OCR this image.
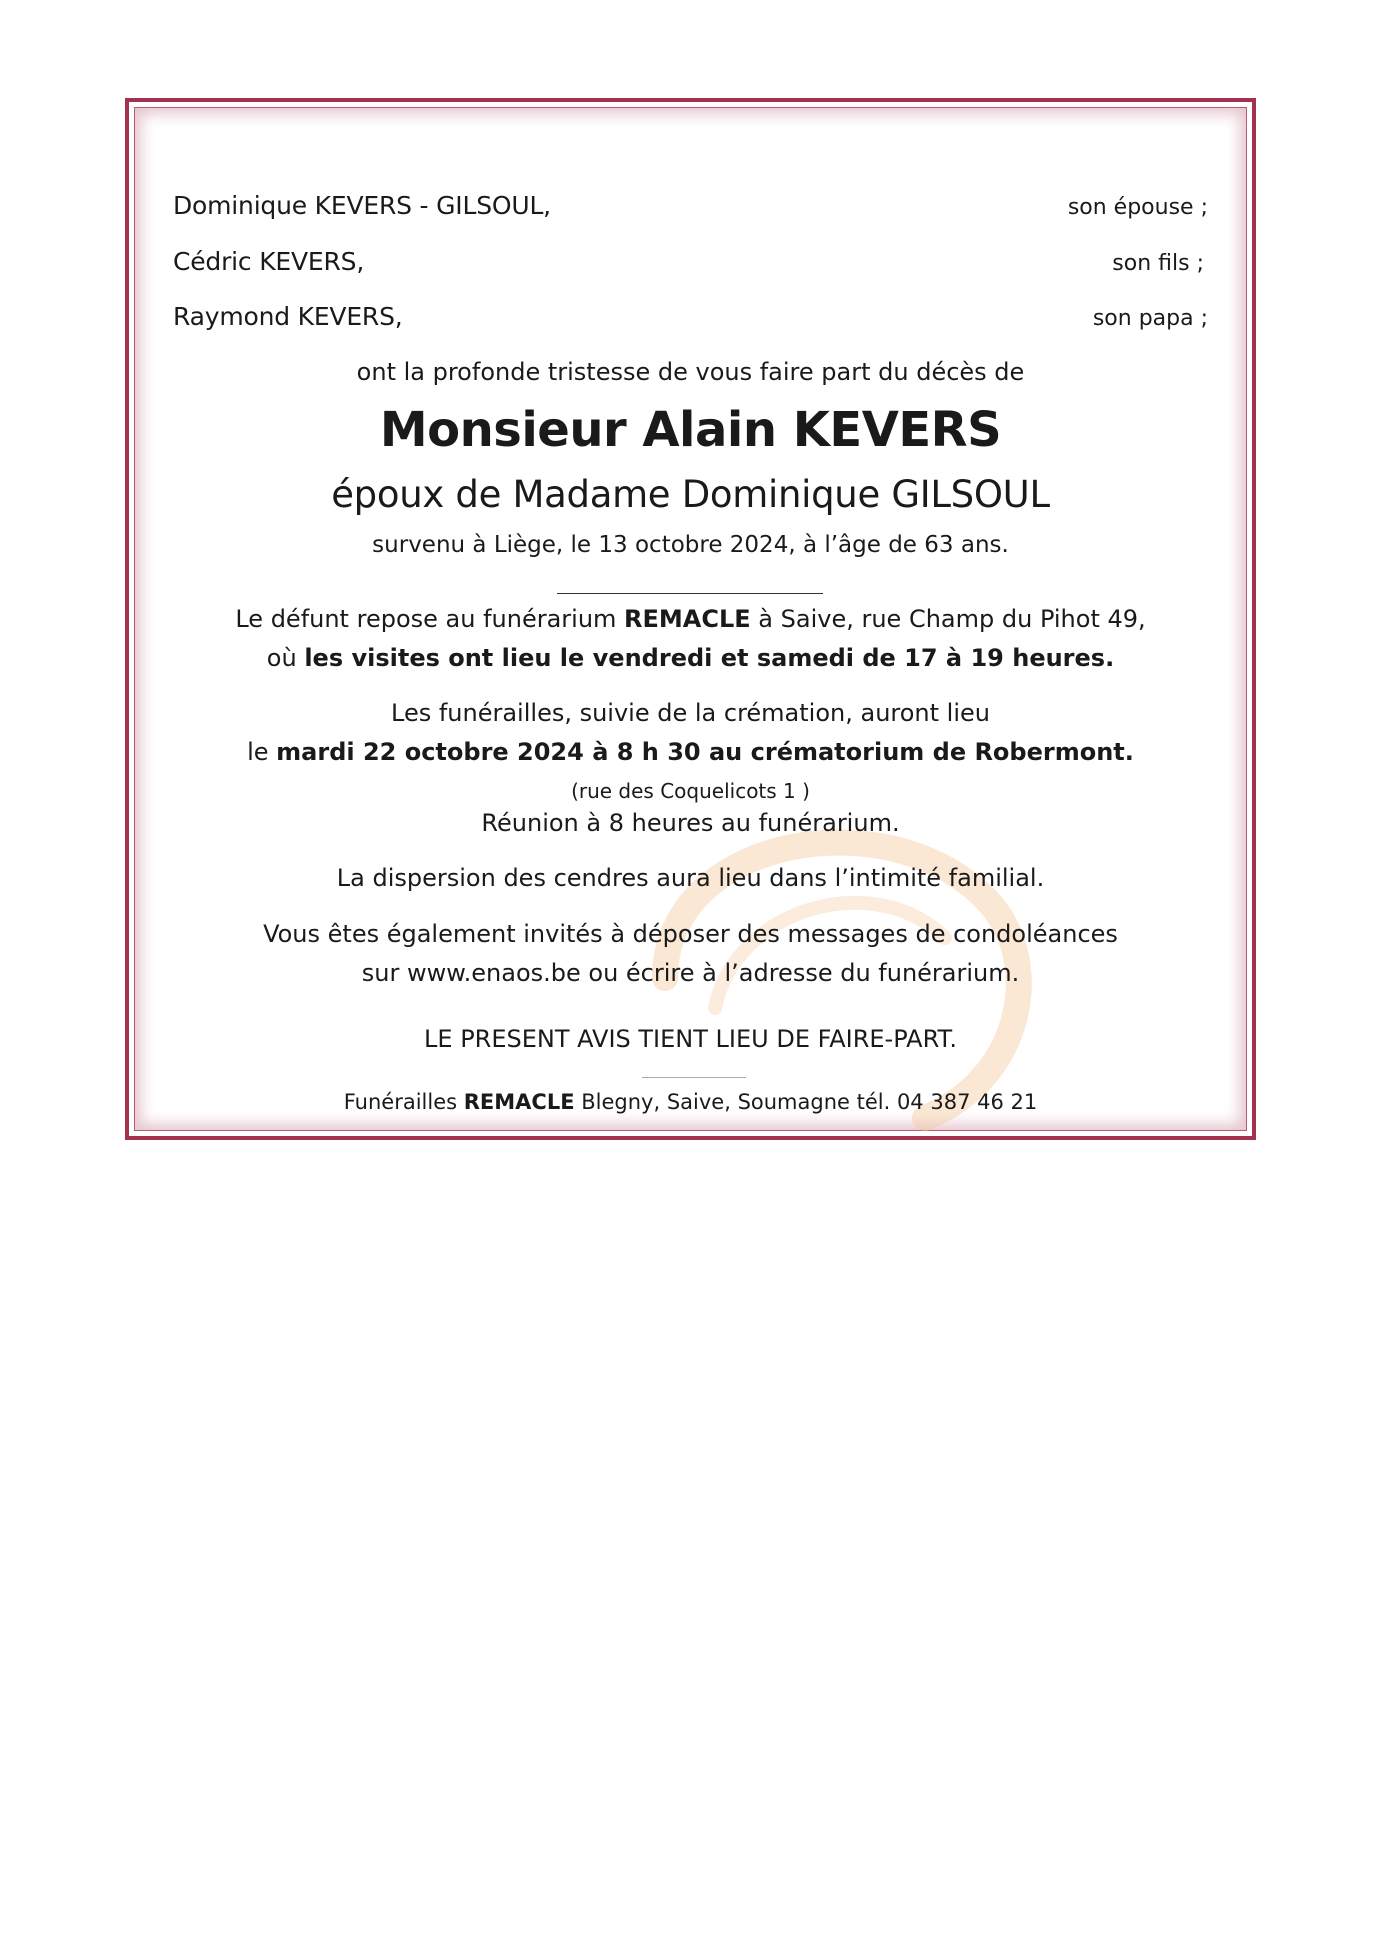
Dominique KEVERS - GILSOUL,	son épouse ;
Cédric KEVERS,	son fils ;
Raymond KEVERS,	son papa ;
ont la profonde tristesse de vous faire part du décès de
Monsieur Alain KEVERS
époux de Madame Dominique GILSOUL
survenu à Liège, le 13 octobre 2024, à l’âge de 63 ans.
Le défunt repose au funérarium REMACLE à Saive, rue Champ du Pihot 49,
où les visites ont lieu le vendredi et samedi de 17 à 19 heures.
Les funérailles, suivie de la crémation, auront lieu
le mardi 22 octobre 2024 à 8 h 30 au crématorium de Robermont.
(rue des Coquelicots 1 )
Réunion à 8 heures au funérarium.
La dispersion des cendres aura lieu dans l’intimité familial.
Vous êtes également invités à déposer des messages de condoléances
sur www.enaos.be ou écrire à l’adresse du funérarium.
LE PRESENT AVIS TIENT LIEU DE FAIRE-PART.
Funérailles REMACLE Blegny, Saive, Soumagne tél. 04 387 46 21
